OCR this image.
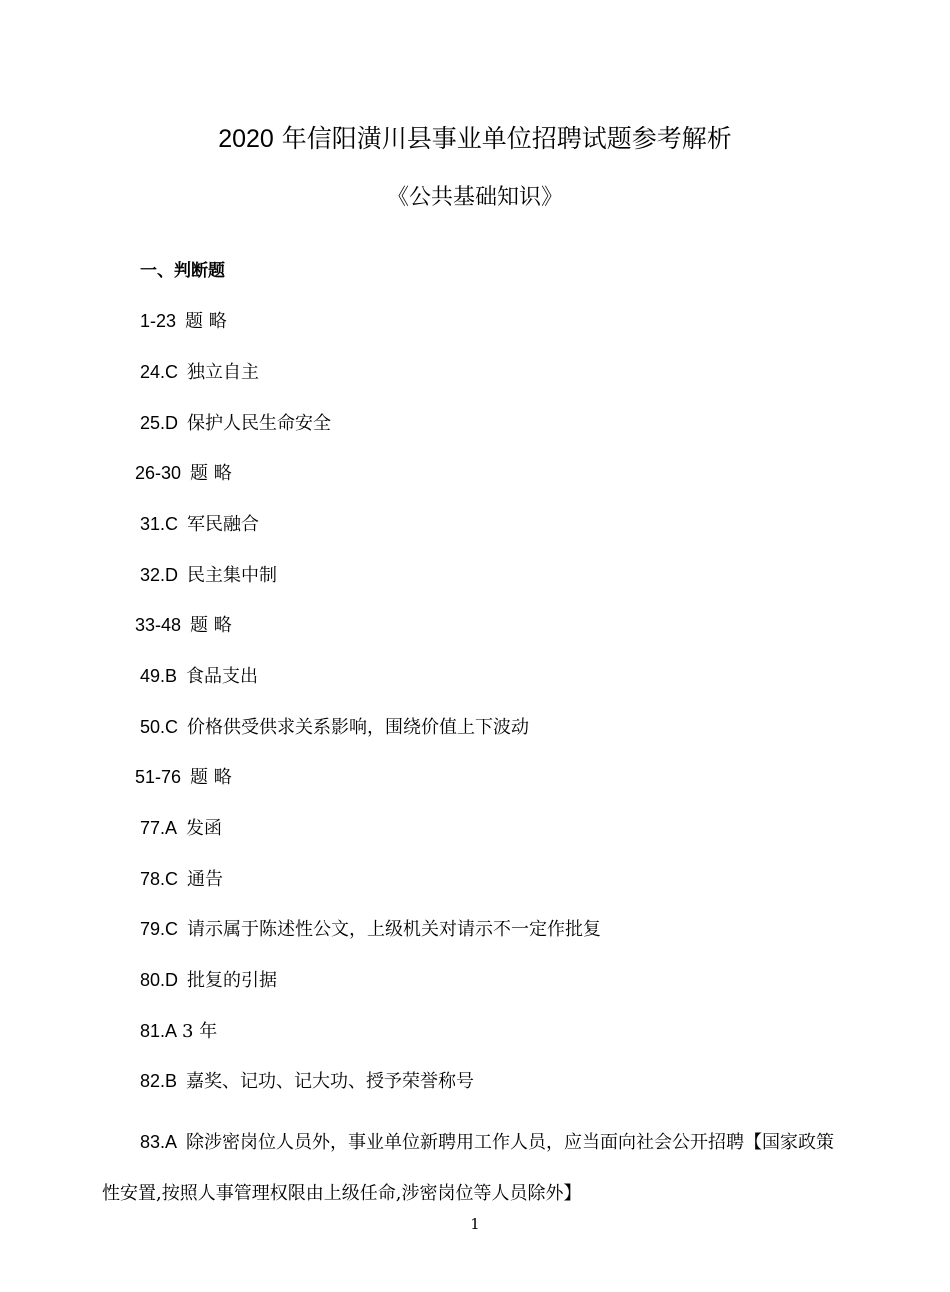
2020 年信阳潢川县事业单位招聘试题参考解析
《公共基础知识》
一、判断题
1-23 题 略
24.C 独立自主
25.D 保护人民生命安全
26-30 题 略
31.C 军民融合
32.D 民主集中制
33-48 题 略
49.B 食品支出
50.C 价格供受供求关系影响，围绕价值上下波动
51-76 题 略
77.A 发函
78.C 通告
79.C 请示属于陈述性公文，上级机关对请示不一定作批复
80.D 批复的引据
81.A 3 年
82.B 嘉奖、记功、记大功、授予荣誉称号
83.A 除涉密岗位人员外，事业单位新聘用工作人员，应当面向社会公开招聘【国家政策性安置,按照人事管理权限由上级任命,涉密岗位等人员除外】
1
